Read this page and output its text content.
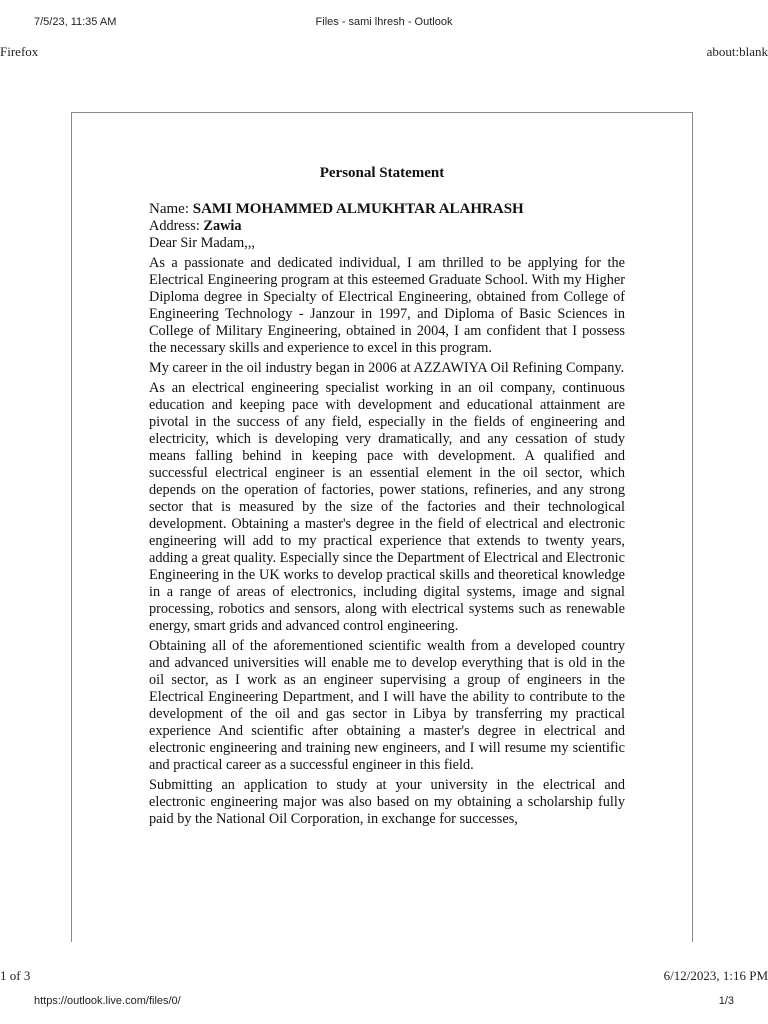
7/5/23, 11:35 AM	Files - sami lhresh - Outlook
Firefox	about:blank
Personal Statement

Name: SAMI MOHAMMED ALMUKHTAR ALAHRASH

Address: Zawia

Dear Sir Madam,,,

As a passionate and dedicated individual, I am thrilled to be applying for the Electrical Engineering program at this esteemed Graduate School. With my Higher Diploma degree in Specialty of Electrical Engineering, obtained from College of Engineering Technology - Janzour in 1997, and Diploma of Basic Sciences in College of Military Engineering, obtained in 2004, I am confident that I possess the necessary skills and experience to excel in this program.

My career in the oil industry began in 2006 at AZZAWIYA Oil Refining Company.

As an electrical engineering specialist working in an oil company, continuous education and keeping pace with development and educational attainment are pivotal in the success of any field, especially in the fields of engineering and electricity, which is developing very dramatically, and any cessation of study means falling behind in keeping pace with development. A qualified and successful electrical engineer is an essential element in the oil sector, which depends on the operation of factories, power stations, refineries, and any strong sector that is measured by the size of the factories and their technological development. Obtaining a master's degree in the field of electrical and electronic engineering will add to my practical experience that extends to twenty years, adding a great quality. Especially since the Department of Electrical and Electronic Engineering in the UK works to develop practical skills and theoretical knowledge in a range of areas of electronics, including digital systems, image and signal processing, robotics and sensors, along with electrical systems such as renewable energy, smart grids and advanced control engineering.

Obtaining all of the aforementioned scientific wealth from a developed country and advanced universities will enable me to develop everything that is old in the oil sector, as I work as an engineer supervising a group of engineers in the Electrical Engineering Department, and I will have the ability to contribute to the development of the oil and gas sector in Libya by transferring my practical experience And scientific after obtaining a master's degree in electrical and electronic engineering and training new engineers, and I will resume my scientific and practical career as a successful engineer in this field.

Submitting an application to study at your university in the electrical and electronic engineering major was also based on my obtaining a scholarship fully paid by the National Oil Corporation, in exchange for successes,

1 of 3	6/12/2023, 1:16 PM
https://outlook.live.com/files/0/	1/3
